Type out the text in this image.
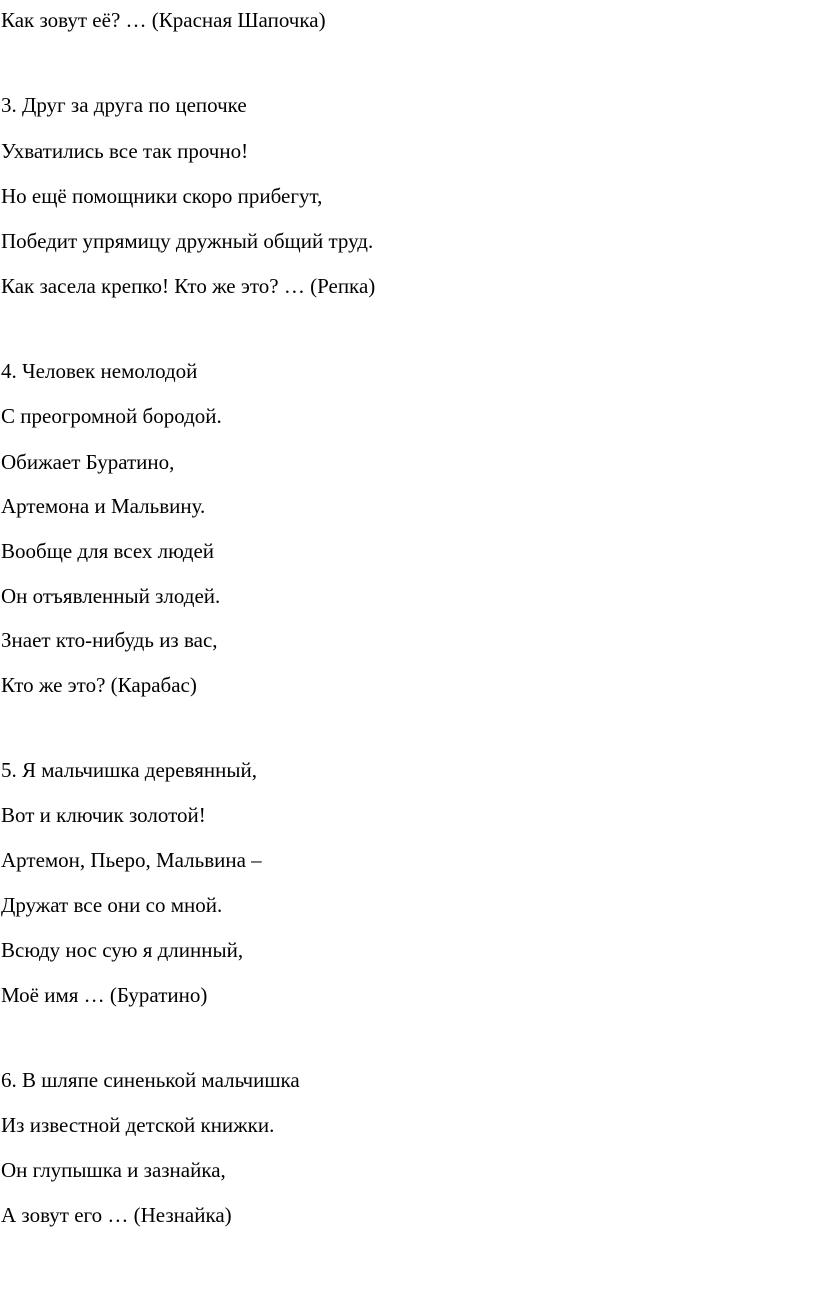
Как зовут её? … (Красная Шапочка)
3. Друг за друга по цепочке
Ухватились все так прочно!
Но ещё помощники скоро прибегут,
Победит упрямицу дружный общий труд.
Как засела крепко! Кто же это? … (Репка)
4. Человек немолодой
С преогромной бородой.
Обижает Буратино,
Артемона и Мальвину.
Вообще для всех людей
Он отъявленный злодей.
Знает кто-нибудь из вас,
Кто же это? (Карабас)
5. Я мальчишка деревянный,
Вот и ключик золотой!
Артемон, Пьеро, Мальвина –
Дружат все они со мной.
Всюду нос сую я длинный,
Моё имя … (Буратино)
6. В шляпе синенькой мальчишка
Из известной детской книжки.
Он глупышка и зазнайка,
А зовут его … (Незнайка)
